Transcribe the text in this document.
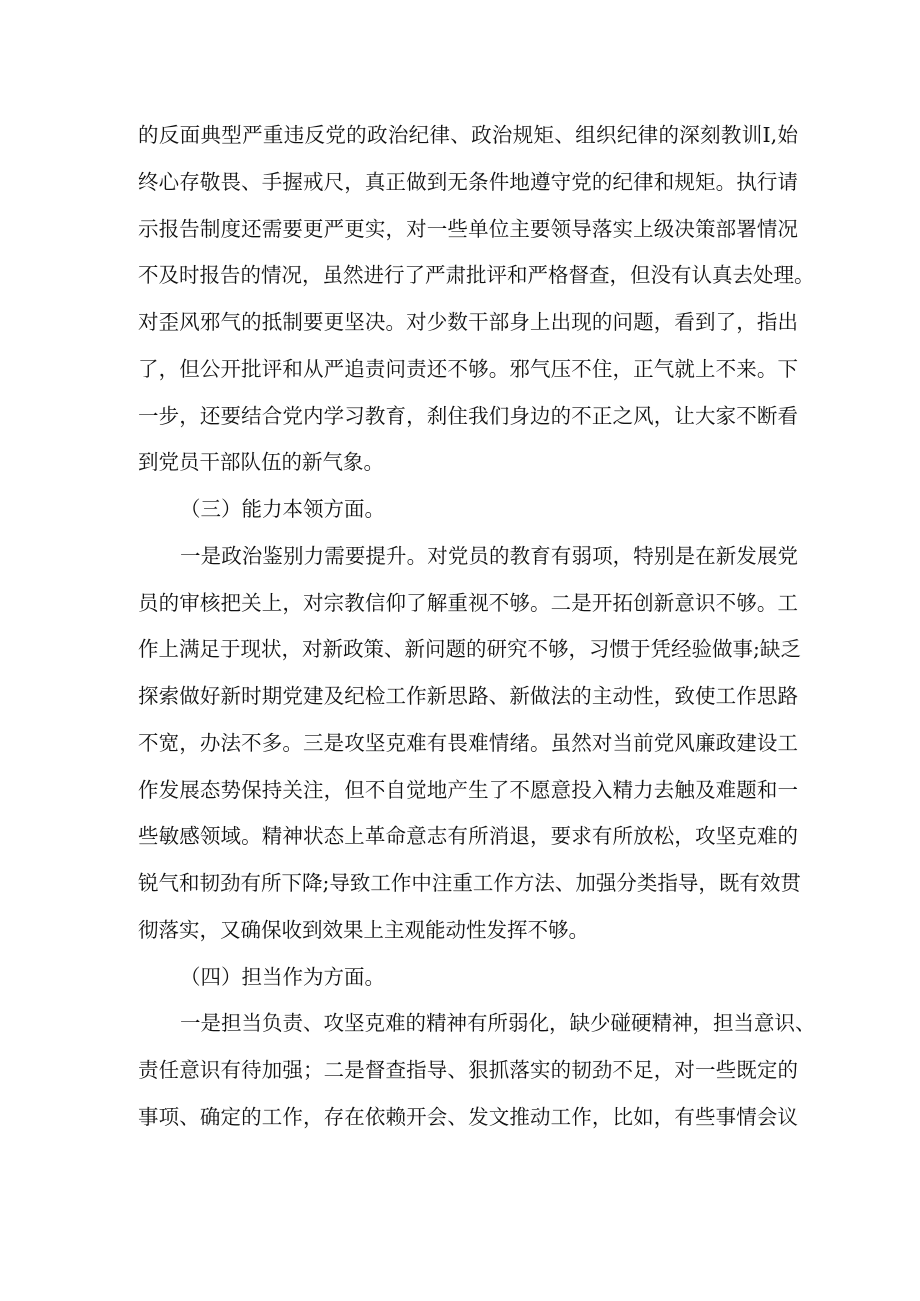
的反面典型严重违反党的政治纪律、政治规矩、组织纪律的深刻教训I,始
终心存敬畏、手握戒尺，真正做到无条件地遵守党的纪律和规矩。执行请
示报告制度还需要更严更实，对一些单位主要领导落实上级决策部署情况
不及时报告的情况，虽然进行了严肃批评和严格督查，但没有认真去处理。
对歪风邪气的抵制要更坚决。对少数干部身上出现的问题，看到了，指出
了，但公开批评和从严追责问责还不够。邪气压不住，正气就上不来。下
一步，还要结合党内学习教育，刹住我们身边的不正之风，让大家不断看
到党员干部队伍的新气象。
（三）能力本领方面。
一是政治鉴别力需要提升。对党员的教育有弱项，特别是在新发展党
员的审核把关上，对宗教信仰了解重视不够。二是开拓创新意识不够。工
作上满足于现状，对新政策、新问题的研究不够，习惯于凭经验做事;缺乏
探索做好新时期党建及纪检工作新思路、新做法的主动性，致使工作思路
不宽，办法不多。三是攻坚克难有畏难情绪。虽然对当前党风廉政建设工
作发展态势保持关注，但不自觉地产生了不愿意投入精力去触及难题和一
些敏感领域。精神状态上革命意志有所消退，要求有所放松，攻坚克难的
锐气和韧劲有所下降;导致工作中注重工作方法、加强分类指导，既有效贯
彻落实，又确保收到效果上主观能动性发挥不够。
（四）担当作为方面。
一是担当负责、攻坚克难的精神有所弱化，缺少碰硬精神，担当意识、
责任意识有待加强；二是督查指导、狠抓落实的韧劲不足，对一些既定的
事项、确定的工作，存在依赖开会、发文推动工作，比如，有些事情会议
